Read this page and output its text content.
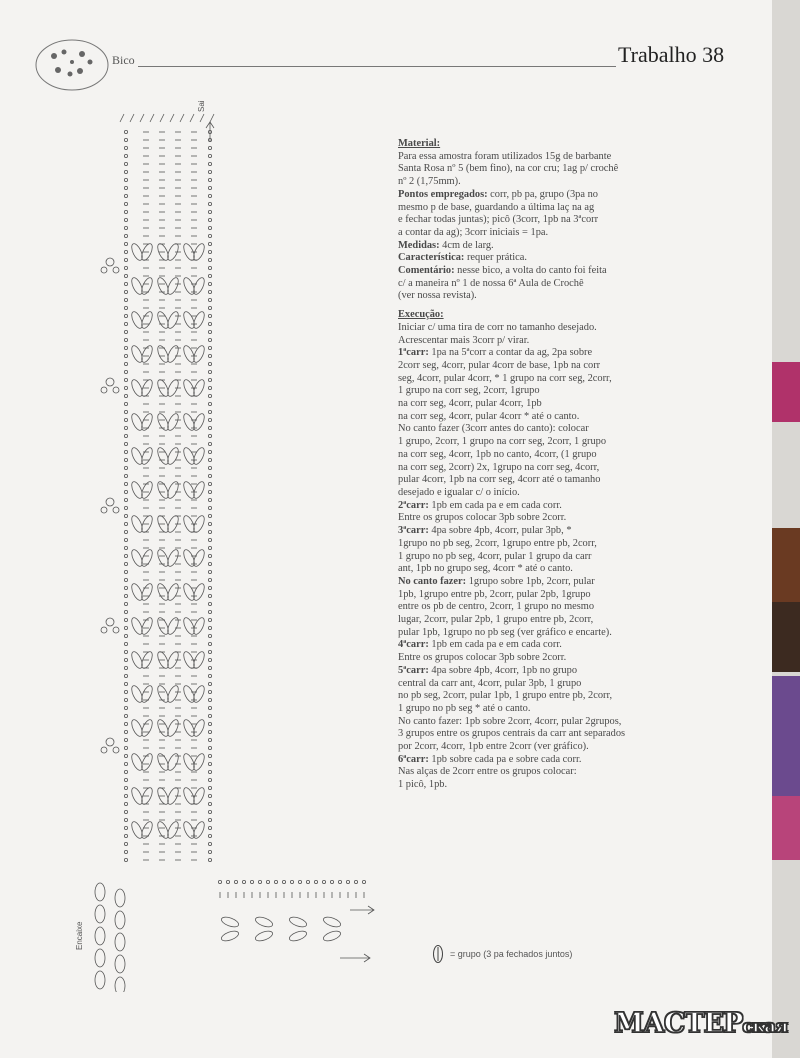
Bico	Trabalho 38
Sai
Encaixe

Material:

Para essa amostra foram utilizados 15g de barbante

Santa Rosa nº 5 (bem fino), na cor cru; 1ag p/ crochê

nº 2 (1,75mm).

Pontos empregados: corr, pb pa, grupo (3pa no

mesmo p de base, guardando a última laç na ag

e fechar todas juntas); picô (3corr, 1pb na 3ªcorr

a contar da ag); 3corr iniciais = 1pa.

Medidas: 4cm de larg.

Característica: requer prática.

Comentário: nesse bico, a volta do canto foi feita

c/ a maneira nº 1 de nossa 6ª Aula de Crochê

(ver nossa revista).

Execução:

Iniciar c/ uma tira de corr no tamanho desejado.

Acrescentar mais 3corr p/ virar.

1ªcarr: 1pa na 5ªcorr a contar da ag, 2pa sobre

2corr seg, 4corr, pular 4corr de base, 1pb na corr

seg, 4corr, pular 4corr, * 1 grupo na corr seg, 2corr,

1 grupo na corr seg, 2corr, 1grupo

na corr seg, 4corr, pular 4corr, 1pb

na corr seg, 4corr, pular 4corr * até o canto.

No canto fazer (3corr antes do canto): colocar

1 grupo, 2corr, 1 grupo na corr seg, 2corr, 1 grupo

na corr seg, 4corr, 1pb no canto, 4corr, (1 grupo

na corr seg, 2corr) 2x, 1grupo na corr seg, 4corr,

pular 4corr, 1pb na corr seg, 4corr até o tamanho

desejado e igualar c/ o início.

2ªcarr: 1pb em cada pa e em cada corr.

Entre os grupos colocar 3pb sobre 2corr.

3ªcarr: 4pa sobre 4pb, 4corr, pular 3pb, *

1grupo no pb seg, 2corr, 1grupo entre pb, 2corr,

1 grupo no pb seg, 4corr, pular 1 grupo da carr

ant, 1pb no grupo seg, 4corr * até o canto.

No canto fazer: 1grupo sobre 1pb, 2corr, pular

1pb, 1grupo entre pb, 2corr, pular 2pb, 1grupo

entre os pb de centro, 2corr, 1 grupo no mesmo

lugar, 2corr, pular 2pb, 1 grupo entre pb, 2corr,

pular 1pb, 1grupo no pb seg (ver gráfico e encarte).

4ªcarr: 1pb em cada pa e em cada corr.

Entre os grupos colocar 3pb sobre 2corr.

5ªcarr: 4pa sobre 4pb, 4corr, 1pb no grupo

central da carr ant, 4corr, pular 3pb, 1 grupo

no pb seg, 2corr, pular 1pb, 1 grupo entre pb, 2corr,

1 grupo no pb seg * até o canto.

No canto fazer: 1pb sobre 2corr, 4corr, pular 2grupos,

3 grupos entre os grupos centrais da carr ant separados

por 2corr, 4corr, 1pb entre 2corr (ver gráfico).

6ªcarr: 1pb sobre cada pa e sobre cada corr.

Nas alças de 2corr entre os grupos colocar:

1 picô, 1pb.

= grupo (3 pa fechados juntos)
МАСТЕРская
